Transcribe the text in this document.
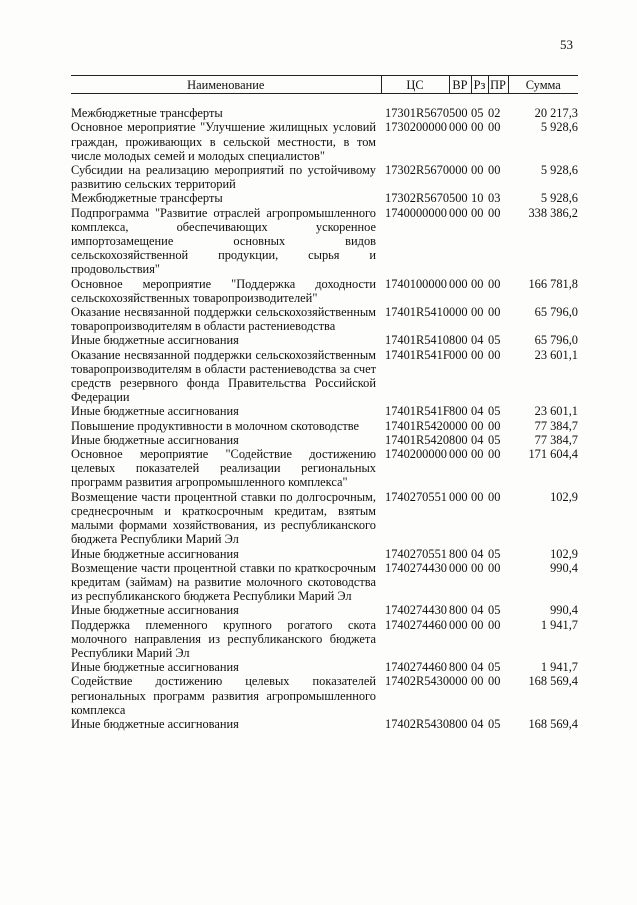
53
Наименование	ЦС	ВР	Рз	ПР	Сумма

Межбюджетные трансферты	17301R5670	500	05	02	20 217,3
Основное мероприятие "Улучшение жилищных условий граждан, проживающих в сельской местности, в том числе молодых семей и молодых специалистов"	1730200000	000	00	00	5 928,6
Субсидии на реализацию мероприятий по устойчивому развитию сельских территорий	17302R5670	000	00	00	5 928,6
Межбюджетные трансферты	17302R5670	500	10	03	5 928,6
Подпрограмма "Развитие отраслей агропромышленного комплекса, обеспечивающих ускоренное импортозамещение основных видов сельскохозяйственной продукции, сырья и продовольствия"	1740000000	000	00	00	338 386,2
Основное мероприятие "Поддержка доходности сельскохозяйственных товаропроизводителей"	1740100000	000	00	00	166 781,8
Оказание несвязанной поддержки сельскохозяйственным товаропроизводителям в области растениеводства	17401R5410	000	00	00	65 796,0
Иные бюджетные ассигнования	17401R5410	800	04	05	65 796,0
Оказание несвязанной поддержки сельскохозяйственным товаропроизводителям в области растениеводства за счет средств резервного фонда Правительства Российской Федерации	17401R541F	000	00	00	23 601,1
Иные бюджетные ассигнования	17401R541F	800	04	05	23 601,1
Повышение продуктивности в молочном скотоводстве	17401R5420	000	00	00	77 384,7
Иные бюджетные ассигнования	17401R5420	800	04	05	77 384,7
Основное мероприятие "Содействие достижению целевых показателей реализации региональных программ развития агропромышленного комплекса"	1740200000	000	00	00	171 604,4
Возмещение части процентной ставки по долгосрочным, среднесрочным и краткосрочным кредитам, взятым малыми формами хозяйствования, из республиканского бюджета Республики Марий Эл	1740270551	000	00	00	102,9
Иные бюджетные ассигнования	1740270551	800	04	05	102,9
Возмещение части процентной ставки по краткосрочным кредитам (займам) на развитие молочного скотоводства из республиканского бюджета Республики Марий Эл	1740274430	000	00	00	990,4
Иные бюджетные ассигнования	1740274430	800	04	05	990,4
Поддержка племенного крупного рогатого скота молочного направления из республиканского бюджета Республики Марий Эл	1740274460	000	00	00	1 941,7
Иные бюджетные ассигнования	1740274460	800	04	05	1 941,7
Содействие достижению целевых показателей региональных программ развития агропромышленного комплекса	17402R5430	000	00	00	168 569,4
Иные бюджетные ассигнования	17402R5430	800	04	05	168 569,4
